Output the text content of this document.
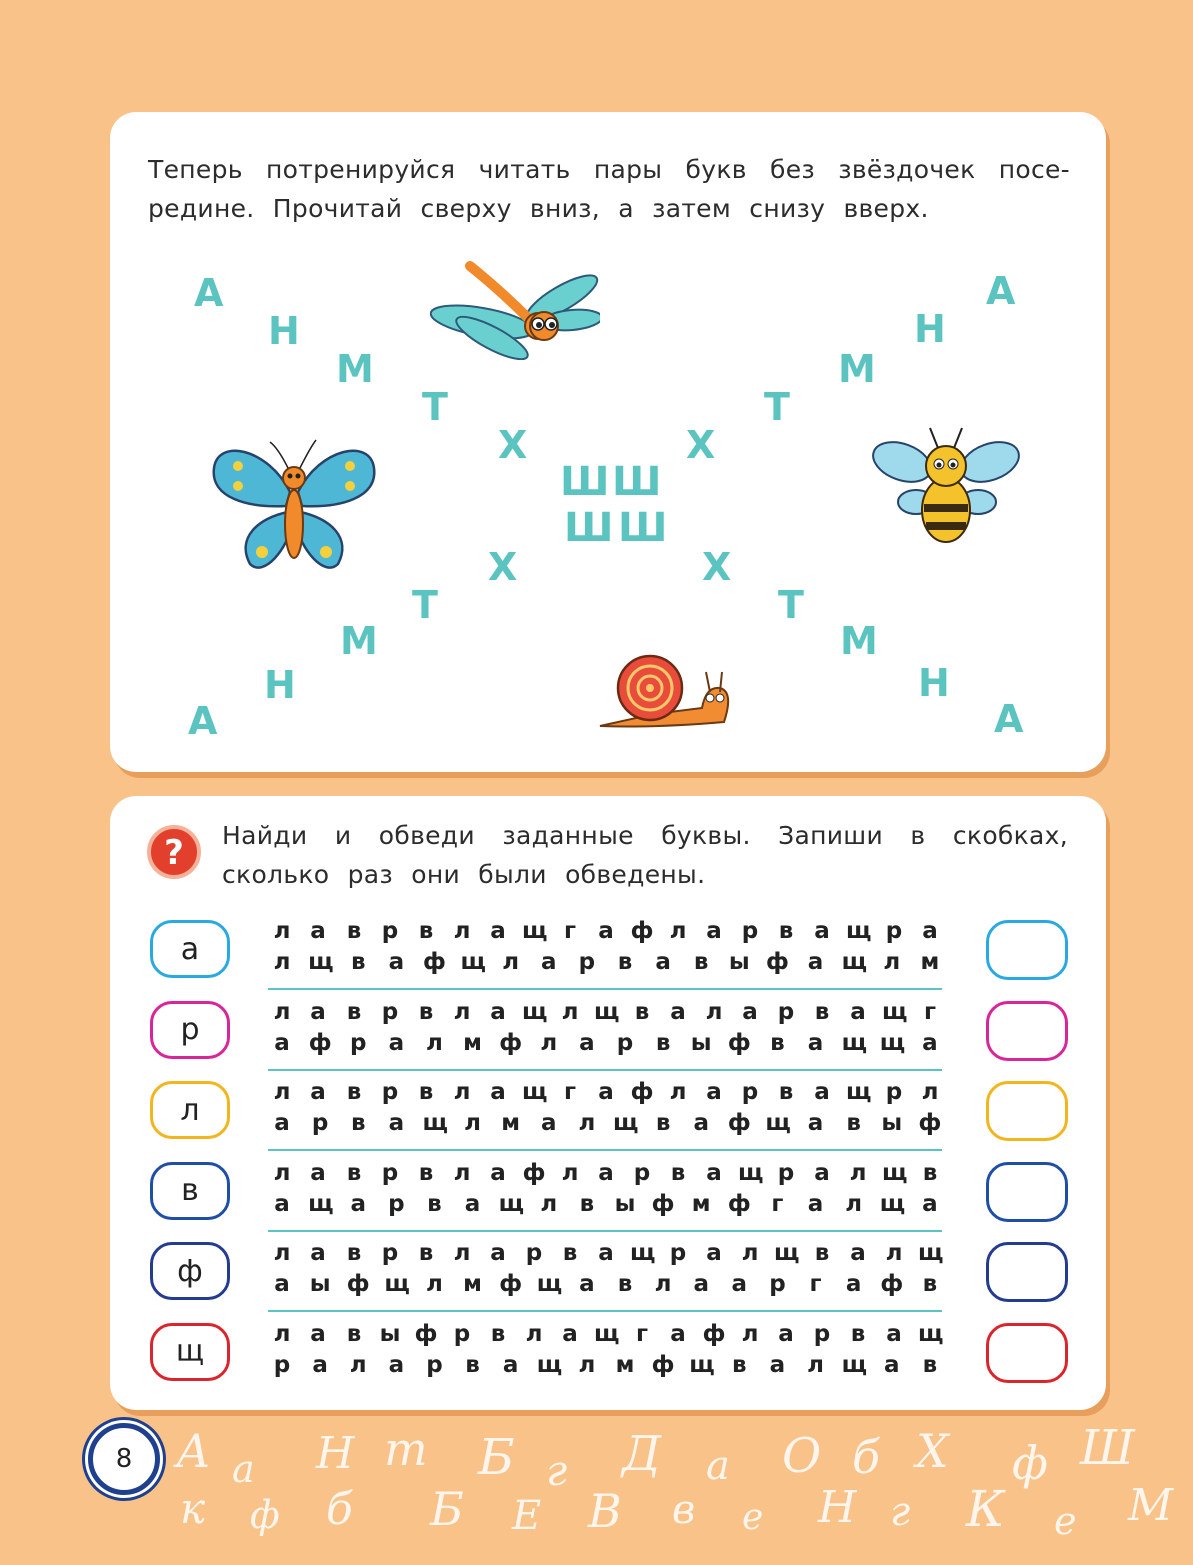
Теперь потренируйся читать пары букв без звёздочек посе-
редине. Прочитай сверху вниз, а затем снизу вверх.
А
Н
М
Т
Х
А
Н
М
Т
Х
Ш Ш
Ш Ш
Х
Т
М
Н
А
Х
Т
М
Н
А
? Найди и обведи заданные буквы. Запиши в скобках,
сколько раз они были обведены.
л а в р в л а щ г а ф л а р в а щ р а
л щ в а ф щ л а р в а в ы ф а щ л м
л а в р в л а щ л щ в а л а р в а щ г
а ф р а л м ф л а р в ы ф в а щ щ а
л а в р в л а щ г а ф л а р в а щ р л
а р в а щ л м а л щ в а ф щ а в ы ф
л а в р в л а ф л а р в а щ р а л щ в
а щ а р в а щ л в ы ф м ф г а л щ а
л а в р в л а р в а щ р а л щ в а л щ
а ы ф щ л м ф щ а в л а а р г а ф в
л а в ы ф р в л а щ г а ф л а р в а щ
р а л а р в а щ л м ф щ в а л щ а в
а
р
л
в
ф
щ
8 А а Н т Б г Д а О б Х ф Ш
к ф б Б Е В в е Н г К е М
